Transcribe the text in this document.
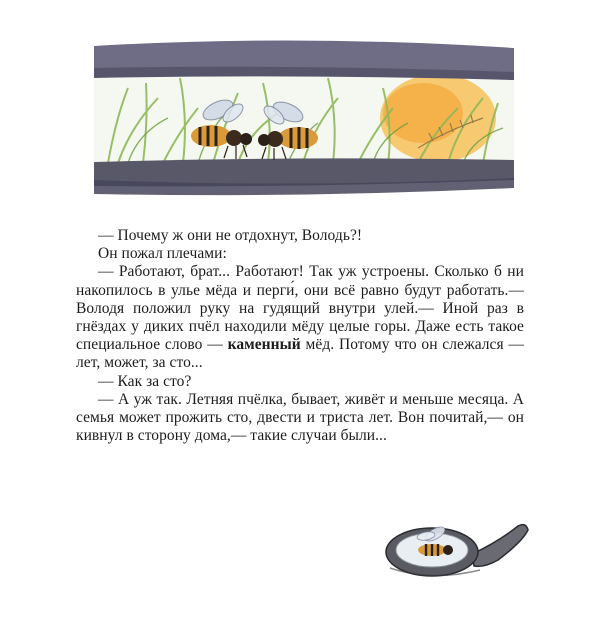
— Почему ж они не отдохнут, Володь?!

Он пожал плечами:

— Работают, брат... Работают! Так уж устроены. Сколько б ни накопилось в улье мёда и перги́, они всё равно будут работать.— Володя положил руку на гудящий внутри улей.— Иной раз в гнёздах у диких пчёл находили мёду целые горы. Даже есть такое специальное слово — каменный мёд. Потому что он слежался — лет, может, за сто...

— Как за сто?

— А уж так. Летняя пчёлка, бывает, живёт и меньше месяца. А семья может прожить сто, двести и триста лет. Вон почитай,— он кивнул в сторону дома,— такие случаи были...
